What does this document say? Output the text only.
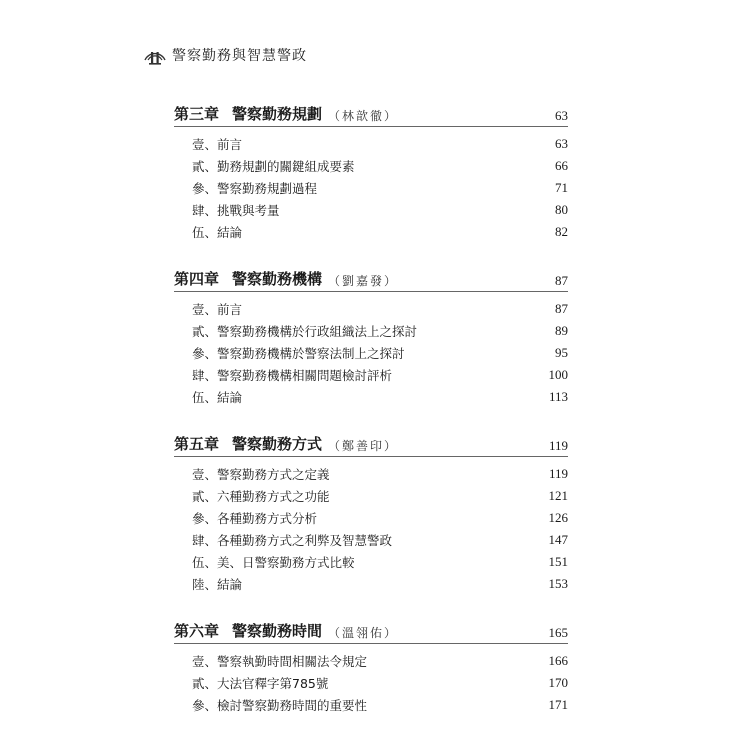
警察勤務與智慧警政
第三章 警察勤務規劃 （林歆徹）	63
壹、前言	63
貳、勤務規劃的關鍵組成要素	66
參、警察勤務規劃過程	71
肆、挑戰與考量	80
伍、結論	82
第四章 警察勤務機構 （劉嘉發）	87
壹、前言	87
貳、警察勤務機構於行政組織法上之探討	89
參、警察勤務機構於警察法制上之探討	95
肆、警察勤務機構相關問題檢討評析	100
伍、結論	113
第五章 警察勤務方式 （鄭善印）	119
壹、警察勤務方式之定義	119
貳、六種勤務方式之功能	121
參、各種勤務方式分析	126
肆、各種勤務方式之利弊及智慧警政	147
伍、美、日警察勤務方式比較	151
陸、結論	153
第六章 警察勤務時間 （溫翎佑）	165
壹、警察執勤時間相關法令規定	166
貳、大法官釋字第785號	170
參、檢討警察勤務時間的重要性	171
